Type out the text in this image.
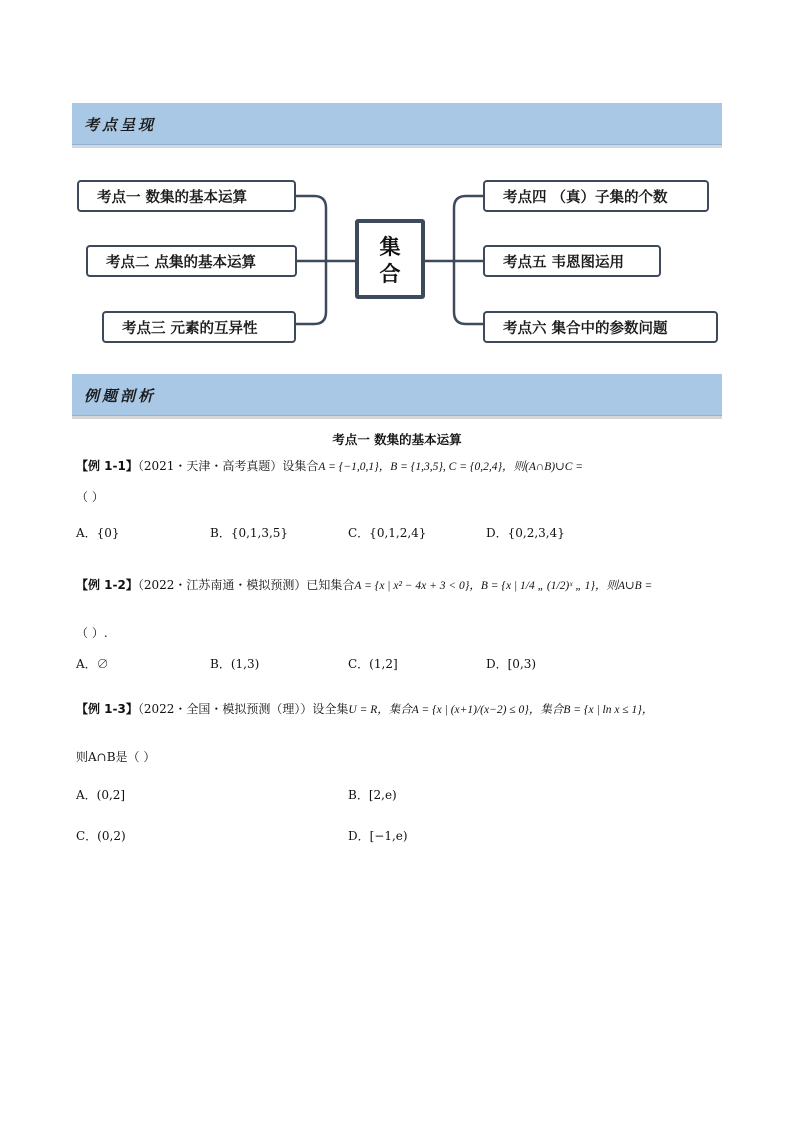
考点呈现
考点一 数集的基本运算
考点二 点集的基本运算
考点三 元素的互异性
集
合
考点四 （真）子集的个数
考点五 韦恩图运用
考点六 集合中的参数问题
例题剖析
考点一 数集的基本运算
【例 1-1】（2021・天津・高考真题）设集合A = {−1,0,1}，B = {1,3,5}, C = {0,2,4}，则(A∩B)∪C =
（ ）
A．{0}	B．{0,1,3,5}	C．{0,1,2,4}	D．{0,2,3,4}
【例 1-2】（2022・江苏南通・模拟预测）已知集合A = {x | x² − 4x + 3 < 0}，B = {x | 1/4 „ (1/2)ˣ „ 1}，则A∪B =
（ ）.
A．∅	B．(1,3)	C．(1,2]	D．[0,3)
【例 1-3】（2022・全国・模拟预测（理））设全集U = R，集合A = {x | (x+1)/(x−2) ≤ 0}，集合B = {x | ln x ≤ 1}，
则A∩B是（ ）
A．(0,2]	B．[2,e)
C．(0,2)	D．[−1,e)
